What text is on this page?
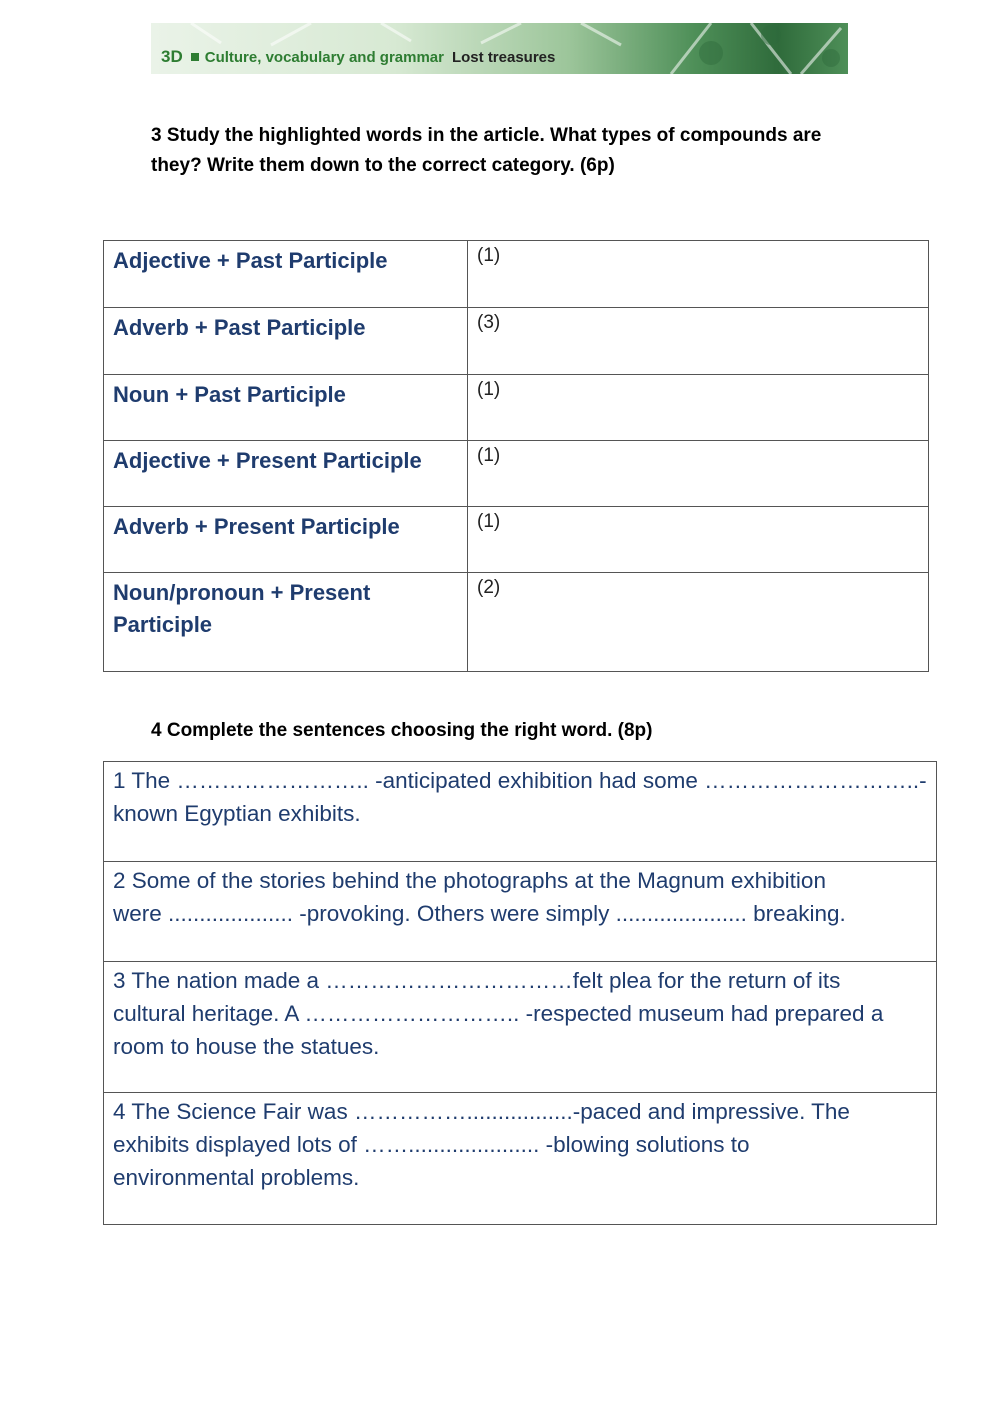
3D Culture, vocabulary and grammar Lost treasures
3 Study the highlighted words in the article. What types of compounds are
they? Write them down to the correct category. (6p)
Adjective + Past Participle	(1)
Adverb + Past Participle	(3)
Noun + Past Participle	(1)
Adjective + Present Participle	(1)
Adverb + Present Participle	(1)
Noun/pronoun + Present Participle	(2)
4 Complete the sentences choosing the right word. (8p)
1 The …………………….. -anticipated exhibition had some ………………………..-
known Egyptian exhibits.

2 Some of the stories behind the photographs at the Magnum exhibition
were .................... -provoking. Others were simply ..................... breaking.

3 The nation made a ……………………………felt plea for the return of its
cultural heritage. A ……………………….. -respected museum had prepared a
room to house the statues.

4 The Science Fair was …………….................-paced and impressive. The
exhibits displayed lots of ……..................... -blowing solutions to
environmental problems.
